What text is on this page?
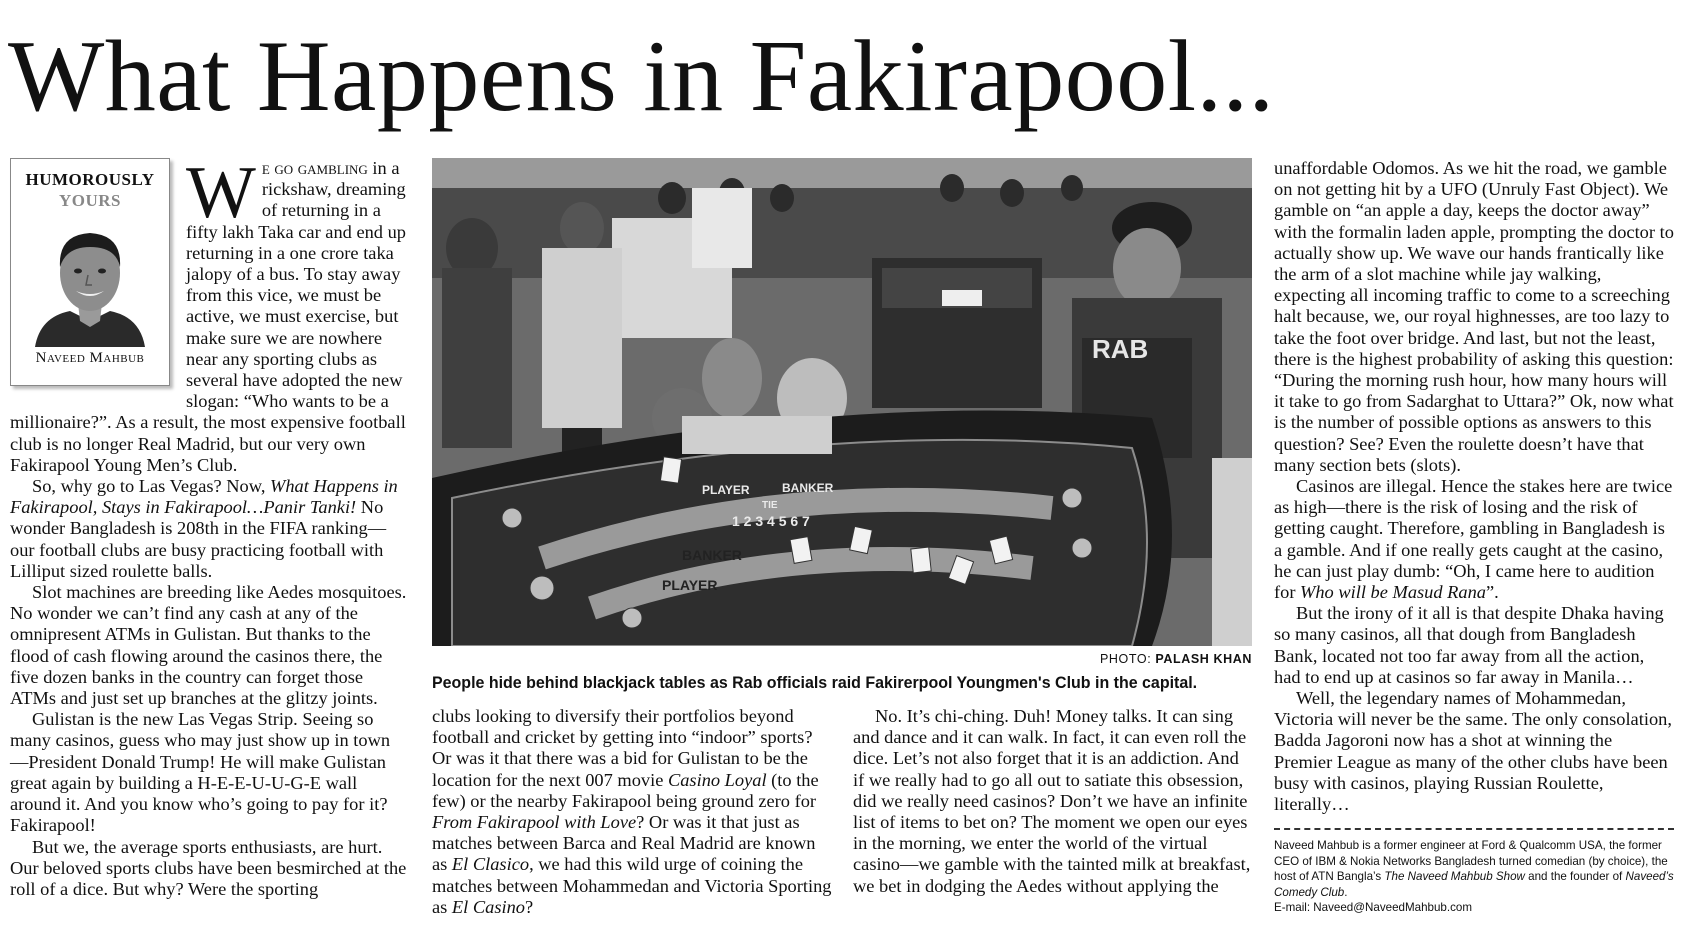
What Happens in Fakirapool...
HUMOROUSLY
YOURS
Naveed Mahbub

We go gambling in a rickshaw, dreaming of returning in a fifty lakh Taka car and end up returning in a one crore taka jalopy of a bus. To stay away from this vice, we must be active, we must exercise, but make sure we are nowhere near any sporting clubs as several have adopted the new slogan: “Who wants to be a millionaire?”. As a result, the most expensive football club is no longer Real Madrid, but our very own Fakirapool Young Men’s Club.

So, why go to Las Vegas? Now, What Happens in Fakirapool, Stays in Fakirapool…Panir Tanki! No wonder Bangladesh is 208th in the FIFA ranking—our football clubs are busy practicing football with Lilliput sized roulette balls.

Slot machines are breeding like Aedes mosquitoes. No wonder we can’t find any cash at any of the omnipresent ATMs in Gulistan. But thanks to the flood of cash flowing around the casinos there, the five dozen banks in the country can forget those ATMs and just set up branches at the glitzy joints.

Gulistan is the new Las Vegas Strip. Seeing so many casinos, guess who may just show up in town—President Donald Trump! He will make Gulistan great again by building a H-E-E-U-U-G-E wall around it. And you know who’s going to pay for it? Fakirapool!

But we, the average sports enthusiasts, are hurt. Our beloved sports clubs have been besmirched at the roll of a dice. But why? Were the sporting

RAB
PLAYER	BANKER
TIE
1 2 3 4 5 6 7
BANKER
PLAYER
PHOTO: PALASH KHAN
People hide behind blackjack tables as Rab officials raid Fakirerpool Youngmen's Club in the capital.

clubs looking to diversify their portfolios beyond football and cricket by getting into “indoor” sports? Or was it that there was a bid for Gulistan to be the location for the next 007 movie Casino Loyal (to the few) or the nearby Fakirapool being ground zero for From Fakirapool with Love? Or was it that just as matches between Barca and Real Madrid are known as El Clasico, we had this wild urge of coining the matches between Mohammedan and Victoria Sporting as El Casino?

No. It’s chi-ching. Duh! Money talks. It can sing and dance and it can walk. In fact, it can even roll the dice. Let’s not also forget that it is an addiction. And if we really had to go all out to satiate this obsession, did we really need casinos? Don’t we have an infinite list of items to bet on? The moment we open our eyes in the morning, we enter the world of the virtual casino—we gamble with the tainted milk at breakfast, we bet in dodging the Aedes without applying the

unaffordable Odomos. As we hit the road, we gamble on not getting hit by a UFO (Unruly Fast Object). We gamble on “an apple a day, keeps the doctor away” with the formalin laden apple, prompting the doctor to actually show up. We wave our hands frantically like the arm of a slot machine while jay walking, expecting all incoming traffic to come to a screeching halt because, we, our royal highnesses, are too lazy to take the foot over bridge. And last, but not the least, there is the highest probability of asking this question: “During the morning rush hour, how many hours will it take to go from Sadarghat to Uttara?” Ok, now what is the number of possible options as answers to this question? See? Even the roulette doesn’t have that many section bets (slots).

Casinos are illegal. Hence the stakes here are twice as high—there is the risk of losing and the risk of getting caught. Therefore, gambling in Bangladesh is a gamble. And if one really gets caught at the casino, he can just play dumb: “Oh, I came here to audition for Who will be Masud Rana”.

But the irony of it all is that despite Dhaka having so many casinos, all that dough from Bangladesh Bank, located not too far away from all the action, had to end up at casinos so far away in Manila…

Well, the legendary names of Mohammedan, Victoria will never be the same. The only consolation, Badda Jagoroni now has a shot at winning the Premier League as many of the other clubs have been busy with casinos, playing Russian Roulette, literally…

Naveed Mahbub is a former engineer at Ford & Qualcomm USA, the former CEO of IBM & Nokia Networks Bangladesh turned comedian (by choice), the host of ATN Bangla’s The Naveed Mahbub Show and the founder of Naveed’s Comedy Club.

E-mail: Naveed@NaveedMahbub.com
